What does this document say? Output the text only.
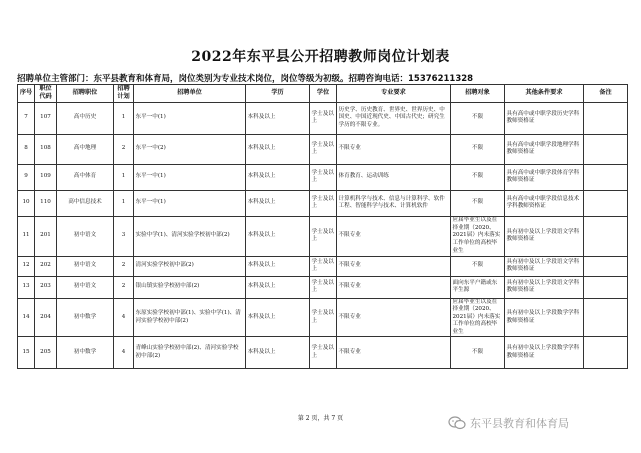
2022年东平县公开招聘教师岗位计划表
招聘单位主管部门：东平县教育和体育局，岗位类别为专业技术岗位，岗位等级为初级。招聘咨询电话：15376211328
序号	职位代码	招聘职位	招聘计划	招聘单位	学历	学位	专业要求	招聘对象	其他条件要求	备注
7	107	高中历史	1	东平一中(1)	本科及以上	学士及以上	历史学、历史教育、世界史、世界历史、中国史、中国近现代史、中国古代史；研究生学历的不限专业。	不限	具有高中或中职学段历史学科教师资格证	
8	108	高中地理	2	东平一中(2)	本科及以上	学士及以上	不限专业	不限	具有高中或中职学段地理学科教师资格证	
9	109	高中体育	1	东平一中(1)	本科及以上	学士及以上	体育教育、运动训练	不限	具有高中或中职学段体育学科教师资格证	
10	110	高中信息技术	1	东平一中(1)	本科及以上	学士及以上	计算机科学与技术、信息与计算科学、软件工程、智能科学与技术、计算机软件	不限	具有高中或中职学段信息技术学科教师资格证	
11	201	初中语文	3	实验中学(1)、清河实验学校初中部(2)	本科及以上	学士及以上	不限专业	应届毕业生以及在择业期（2020、2021届）内未落实工作单位的高校毕业生	具有初中及以上学段语文学科教师资格证	
12	202	初中语文	2	清河实验学校初中部(2)	本科及以上	学士及以上	不限专业	不限	具有初中及以上学段语文学科教师资格证	
13	203	初中语文	2	银山镇实验学校初中部(2)	本科及以上	学士及以上	不限专业	面向东平户籍或东平生源	具有初中及以上学段语文学科教师资格证	
14	204	初中数学	4	东原实验学校初中部(1)、实验中学(1)、清河实验学校初中部(2)	本科及以上	学士及以上	不限专业	应届毕业生以及在择业期（2020、2021届）内未落实工作单位的高校毕业生	具有初中及以上学段数学学科教师资格证	
15	205	初中数学	4	青峰山实验学校初中部(2)、清河实验学校初中部(2)	本科及以上	学士及以上	不限专业	不限	具有初中及以上学段数学学科教师资格证	
第 2 页，共 7 页	东平县教育和体育局
